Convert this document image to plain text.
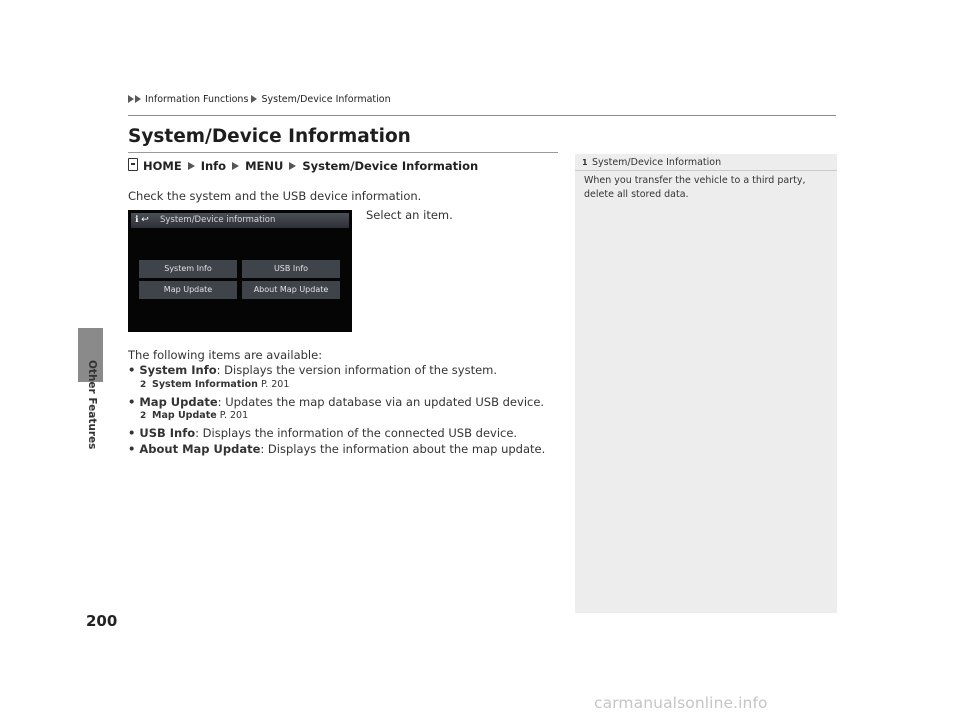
Information Functions System/Device Information
Other Features
200
System/Device Information
HOME Info MENU System/Device Information
Check the system and the USB device information.
Select an item.
ℹ ↩	System/Device information
System Info	USB Info
Map Update	About Map Update
The following items are available:
• System Info: Displays the version information of the system.
2 System Information P. 201
• Map Update: Updates the map database via an updated USB device.
2 Map Update P. 201
• USB Info: Displays the information of the connected USB device.
• About Map Update: Displays the information about the map update.
1 System/Device Information
When you transfer the vehicle to a third party, delete all stored data.
carmanualsonline.info
